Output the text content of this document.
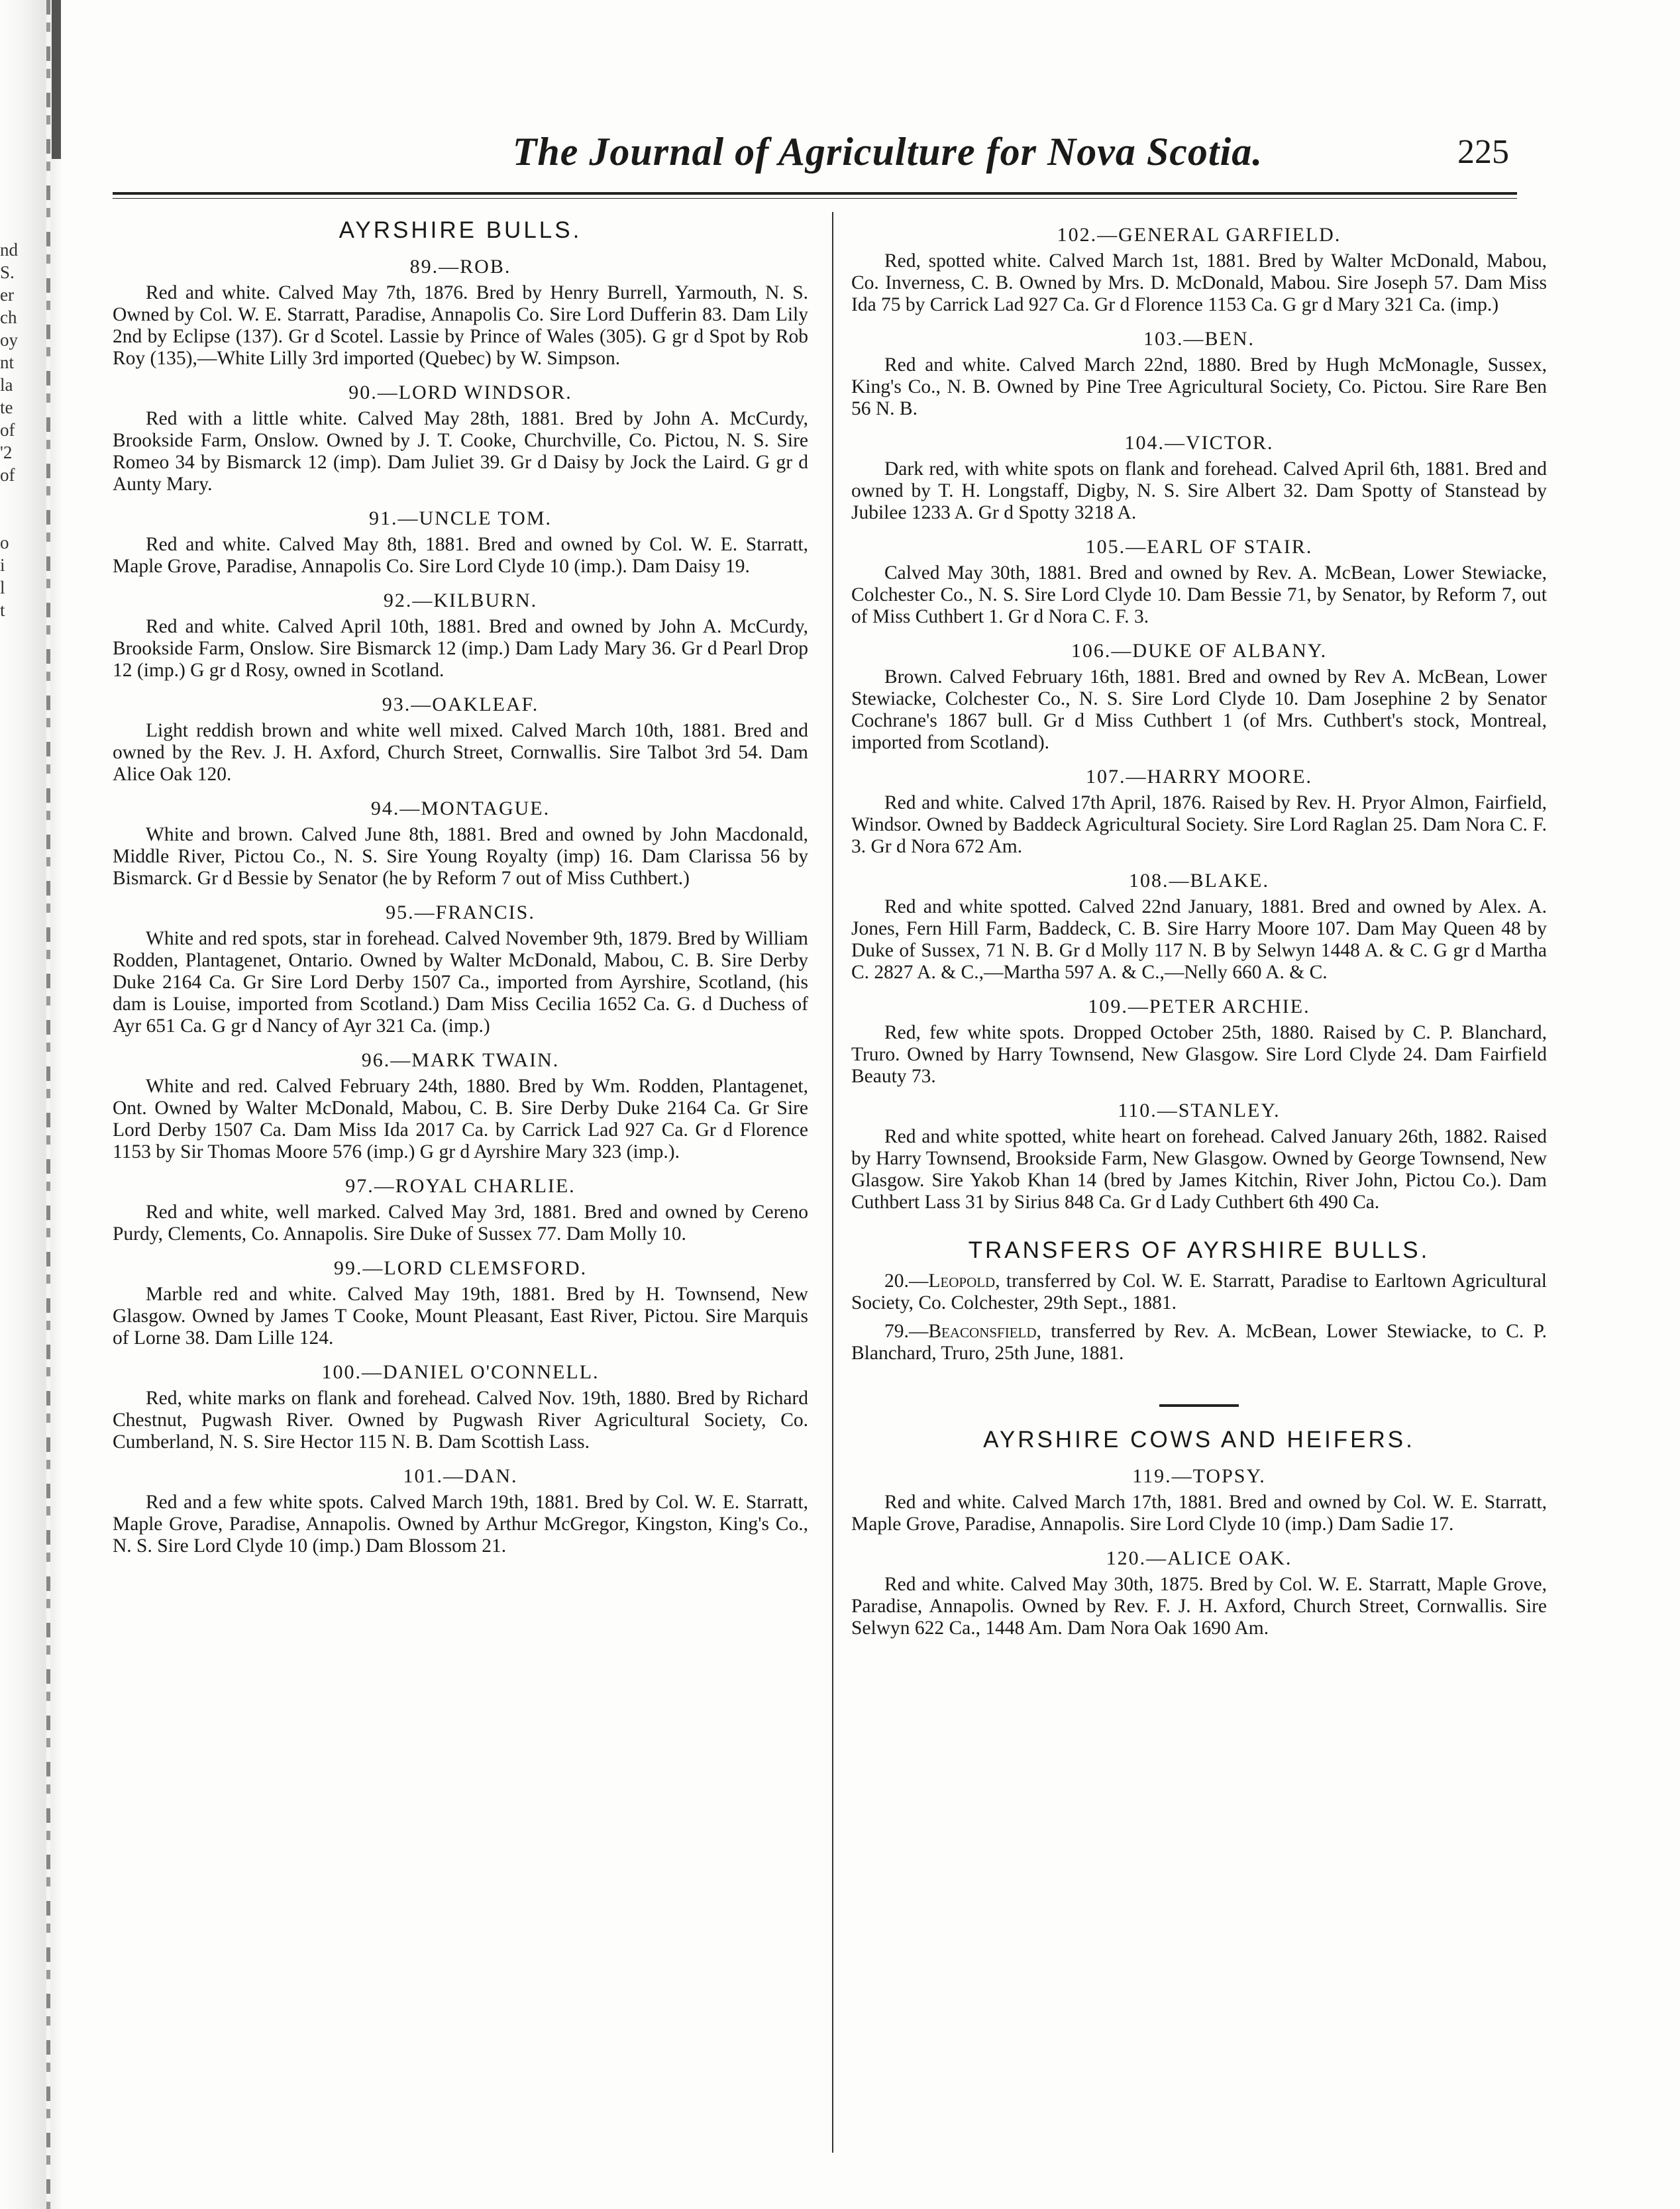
nd
S.
er
ch
oy
nt
la
te
of
'2
of
o
i
l
t
The Journal of Agriculture for Nova Scotia.	225
AYRSHIRE BULLS.
89.—ROB.

Red and white. Calved May 7th, 1876. Bred by Henry Burrell, Yarmouth, N. S. Owned by Col. W. E. Starratt, Paradise, Annapolis Co. Sire Lord Dufferin 83. Dam Lily 2nd by Eclipse (137). Gr d Scotel. Lassie by Prince of Wales (305). G gr d Spot by Rob Roy (135),—White Lilly 3rd imported (Quebec) by W. Simpson.

90.—LORD WINDSOR.

Red with a little white. Calved May 28th, 1881. Bred by John A. McCurdy, Brookside Farm, Onslow. Owned by J. T. Cooke, Churchville, Co. Pictou, N. S. Sire Romeo 34 by Bismarck 12 (imp). Dam Juliet 39. Gr d Daisy by Jock the Laird. G gr d Aunty Mary.

91.—UNCLE TOM.

Red and white. Calved May 8th, 1881. Bred and owned by Col. W. E. Starratt, Maple Grove, Paradise, Annapolis Co. Sire Lord Clyde 10 (imp.). Dam Daisy 19.

92.—KILBURN.

Red and white. Calved April 10th, 1881. Bred and owned by John A. McCurdy, Brookside Farm, Onslow. Sire Bismarck 12 (imp.) Dam Lady Mary 36. Gr d Pearl Drop 12 (imp.) G gr d Rosy, owned in Scotland.

93.—OAKLEAF.

Light reddish brown and white well mixed. Calved March 10th, 1881. Bred and owned by the Rev. J. H. Axford, Church Street, Cornwallis. Sire Talbot 3rd 54. Dam Alice Oak 120.

94.—MONTAGUE.

White and brown. Calved June 8th, 1881. Bred and owned by John Macdonald, Middle River, Pictou Co., N. S. Sire Young Royalty (imp) 16. Dam Clarissa 56 by Bismarck. Gr d Bessie by Senator (he by Reform 7 out of Miss Cuthbert.)

95.—FRANCIS.

White and red spots, star in forehead. Calved November 9th, 1879. Bred by William Rodden, Plantagenet, Ontario. Owned by Walter McDonald, Mabou, C. B. Sire Derby Duke 2164 Ca. Gr Sire Lord Derby 1507 Ca., imported from Ayrshire, Scotland, (his dam is Louise, imported from Scotland.) Dam Miss Cecilia 1652 Ca. G. d Duchess of Ayr 651 Ca. G gr d Nancy of Ayr 321 Ca. (imp.)

96.—MARK TWAIN.

White and red. Calved February 24th, 1880. Bred by Wm. Rodden, Plantagenet, Ont. Owned by Walter McDonald, Mabou, C. B. Sire Derby Duke 2164 Ca. Gr Sire Lord Derby 1507 Ca. Dam Miss Ida 2017 Ca. by Carrick Lad 927 Ca. Gr d Florence 1153 by Sir Thomas Moore 576 (imp.) G gr d Ayrshire Mary 323 (imp.).

97.—ROYAL CHARLIE.

Red and white, well marked. Calved May 3rd, 1881. Bred and owned by Cereno Purdy, Clements, Co. Annapolis. Sire Duke of Sussex 77. Dam Molly 10.

99.—LORD CLEMSFORD.

Marble red and white. Calved May 19th, 1881. Bred by H. Townsend, New Glasgow. Owned by James T Cooke, Mount Pleasant, East River, Pictou. Sire Marquis of Lorne 38. Dam Lille 124.

100.—DANIEL O'CONNELL.

Red, white marks on flank and forehead. Calved Nov. 19th, 1880. Bred by Richard Chestnut, Pugwash River. Owned by Pugwash River Agricultural Society, Co. Cumberland, N. S. Sire Hector 115 N. B. Dam Scottish Lass.

101.—DAN.

Red and a few white spots. Calved March 19th, 1881. Bred by Col. W. E. Starratt, Maple Grove, Paradise, Annapolis. Owned by Arthur McGregor, Kingston, King's Co., N. S. Sire Lord Clyde 10 (imp.) Dam Blossom 21.

102.—GENERAL GARFIELD.

Red, spotted white. Calved March 1st, 1881. Bred by Walter McDonald, Mabou, Co. Inverness, C. B. Owned by Mrs. D. McDonald, Mabou. Sire Joseph 57. Dam Miss Ida 75 by Carrick Lad 927 Ca. Gr d Florence 1153 Ca. G gr d Mary 321 Ca. (imp.)

103.—BEN.

Red and white. Calved March 22nd, 1880. Bred by Hugh McMonagle, Sussex, King's Co., N. B. Owned by Pine Tree Agricultural Society, Co. Pictou. Sire Rare Ben 56 N. B.

104.—VICTOR.

Dark red, with white spots on flank and forehead. Calved April 6th, 1881. Bred and owned by T. H. Longstaff, Digby, N. S. Sire Albert 32. Dam Spotty of Stanstead by Jubilee 1233 A. Gr d Spotty 3218 A.

105.—EARL OF STAIR.

Calved May 30th, 1881. Bred and owned by Rev. A. McBean, Lower Stewiacke, Colchester Co., N. S. Sire Lord Clyde 10. Dam Bessie 71, by Senator, by Reform 7, out of Miss Cuthbert 1. Gr d Nora C. F. 3.

106.—DUKE OF ALBANY.

Brown. Calved February 16th, 1881. Bred and owned by Rev A. McBean, Lower Stewiacke, Colchester Co., N. S. Sire Lord Clyde 10. Dam Josephine 2 by Senator Cochrane's 1867 bull. Gr d Miss Cuthbert 1 (of Mrs. Cuthbert's stock, Montreal, imported from Scotland).

107.—HARRY MOORE.

Red and white. Calved 17th April, 1876. Raised by Rev. H. Pryor Almon, Fairfield, Windsor. Owned by Baddeck Agricultural Society. Sire Lord Raglan 25. Dam Nora C. F. 3. Gr d Nora 672 Am.

108.—BLAKE.

Red and white spotted. Calved 22nd January, 1881. Bred and owned by Alex. A. Jones, Fern Hill Farm, Baddeck, C. B. Sire Harry Moore 107. Dam May Queen 48 by Duke of Sussex, 71 N. B. Gr d Molly 117 N. B by Selwyn 1448 A. & C. G gr d Martha C. 2827 A. & C.,—Martha 597 A. & C.,—Nelly 660 A. & C.

109.—PETER ARCHIE.

Red, few white spots. Dropped October 25th, 1880. Raised by C. P. Blanchard, Truro. Owned by Harry Townsend, New Glasgow. Sire Lord Clyde 24. Dam Fairfield Beauty 73.

110.—STANLEY.

Red and white spotted, white heart on forehead. Calved January 26th, 1882. Raised by Harry Townsend, Brookside Farm, New Glasgow. Owned by George Townsend, New Glasgow. Sire Yakob Khan 14 (bred by James Kitchin, River John, Pictou Co.). Dam Cuthbert Lass 31 by Sirius 848 Ca. Gr d Lady Cuthbert 6th 490 Ca.

TRANSFERS OF AYRSHIRE BULLS.

20.—Leopold, transferred by Col. W. E. Starratt, Paradise to Earltown Agricultural Society, Co. Colchester, 29th Sept., 1881.

79.—Beaconsfield, transferred by Rev. A. McBean, Lower Stewiacke, to C. P. Blanchard, Truro, 25th June, 1881.

AYRSHIRE COWS AND HEIFERS.
119.—TOPSY.

Red and white. Calved March 17th, 1881. Bred and owned by Col. W. E. Starratt, Maple Grove, Paradise, Annapolis. Sire Lord Clyde 10 (imp.) Dam Sadie 17.

120.—ALICE OAK.

Red and white. Calved May 30th, 1875. Bred by Col. W. E. Starratt, Maple Grove, Paradise, Annapolis. Owned by Rev. F. J. H. Axford, Church Street, Cornwallis. Sire Selwyn 622 Ca., 1448 Am. Dam Nora Oak 1690 Am.
